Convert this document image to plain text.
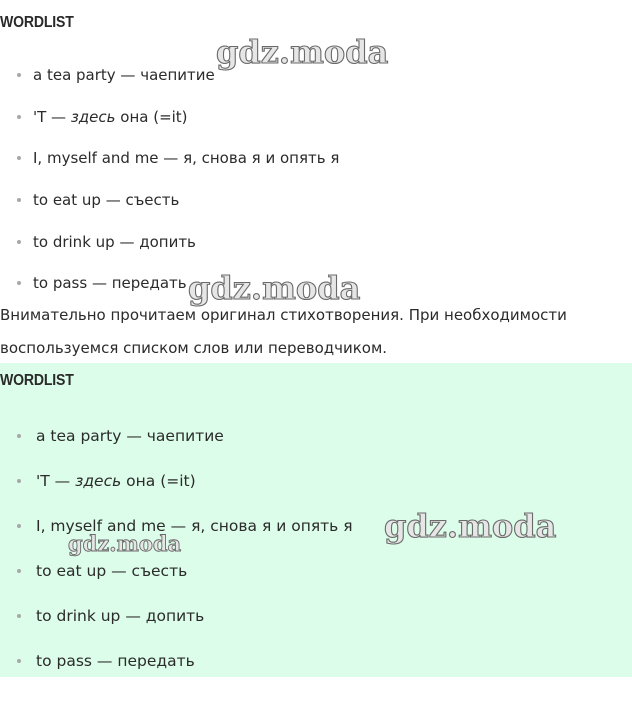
WORDLIST
a tea party — чаепитие
'T — здесь она (=it)
I, myself and me — я, снова я и опять я
to eat up — съесть
to drink up — допить
to pass — передать
Внимательно прочитаем оригинал стихотворения. При необходимости
воспользуемся списком слов или переводчиком.
WORDLIST
a tea party — чаепитие
'T — здесь она (=it)
I, myself and me — я, снова я и опять я
to eat up — съесть
to drink up — допить
to pass — передать
gdz.moda
gdz.moda
gdz.moda
gdz.moda
